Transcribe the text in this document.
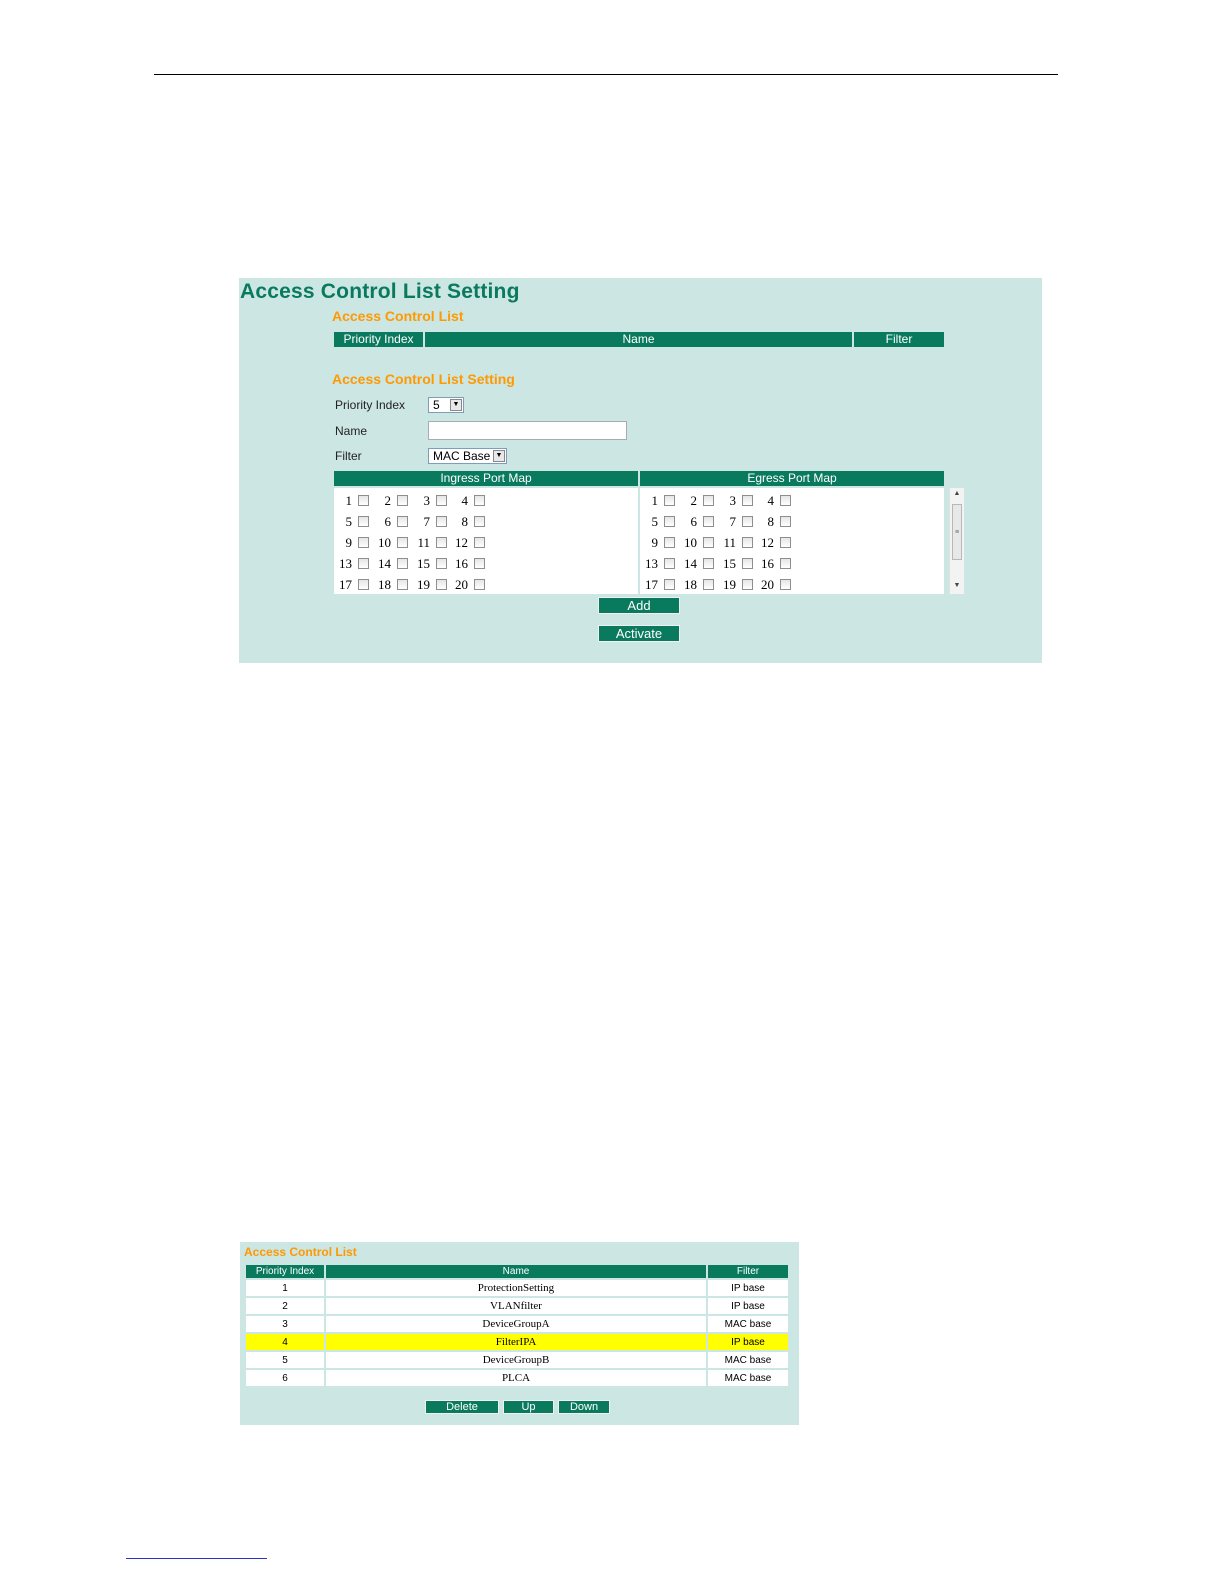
Access Control List Setting
Access Control List
Priority Index	Name	Filter
Access Control List Setting
Priority Index	5	▼
Name
Filter	MAC Base ▼
Ingress Port Map	Egress Port Map
1	2	3	4
5	6	7	8
9	10	11	12
13	14	15	16
17	18	19	20
1	2	3	4
5	6	7	8
9	10	11	12
13	14	15	16
17	18	19	20
▲
≡
▼
Add
Activate
Access Control List
Priority Index	Name	Filter
1	ProtectionSetting	IP base
2	VLANfilter	IP base
3	DeviceGroupA	MAC base
4	FilterIPA	IP base
5	DeviceGroupB	MAC base
6	PLCA	MAC base
Delete	Up	Down
